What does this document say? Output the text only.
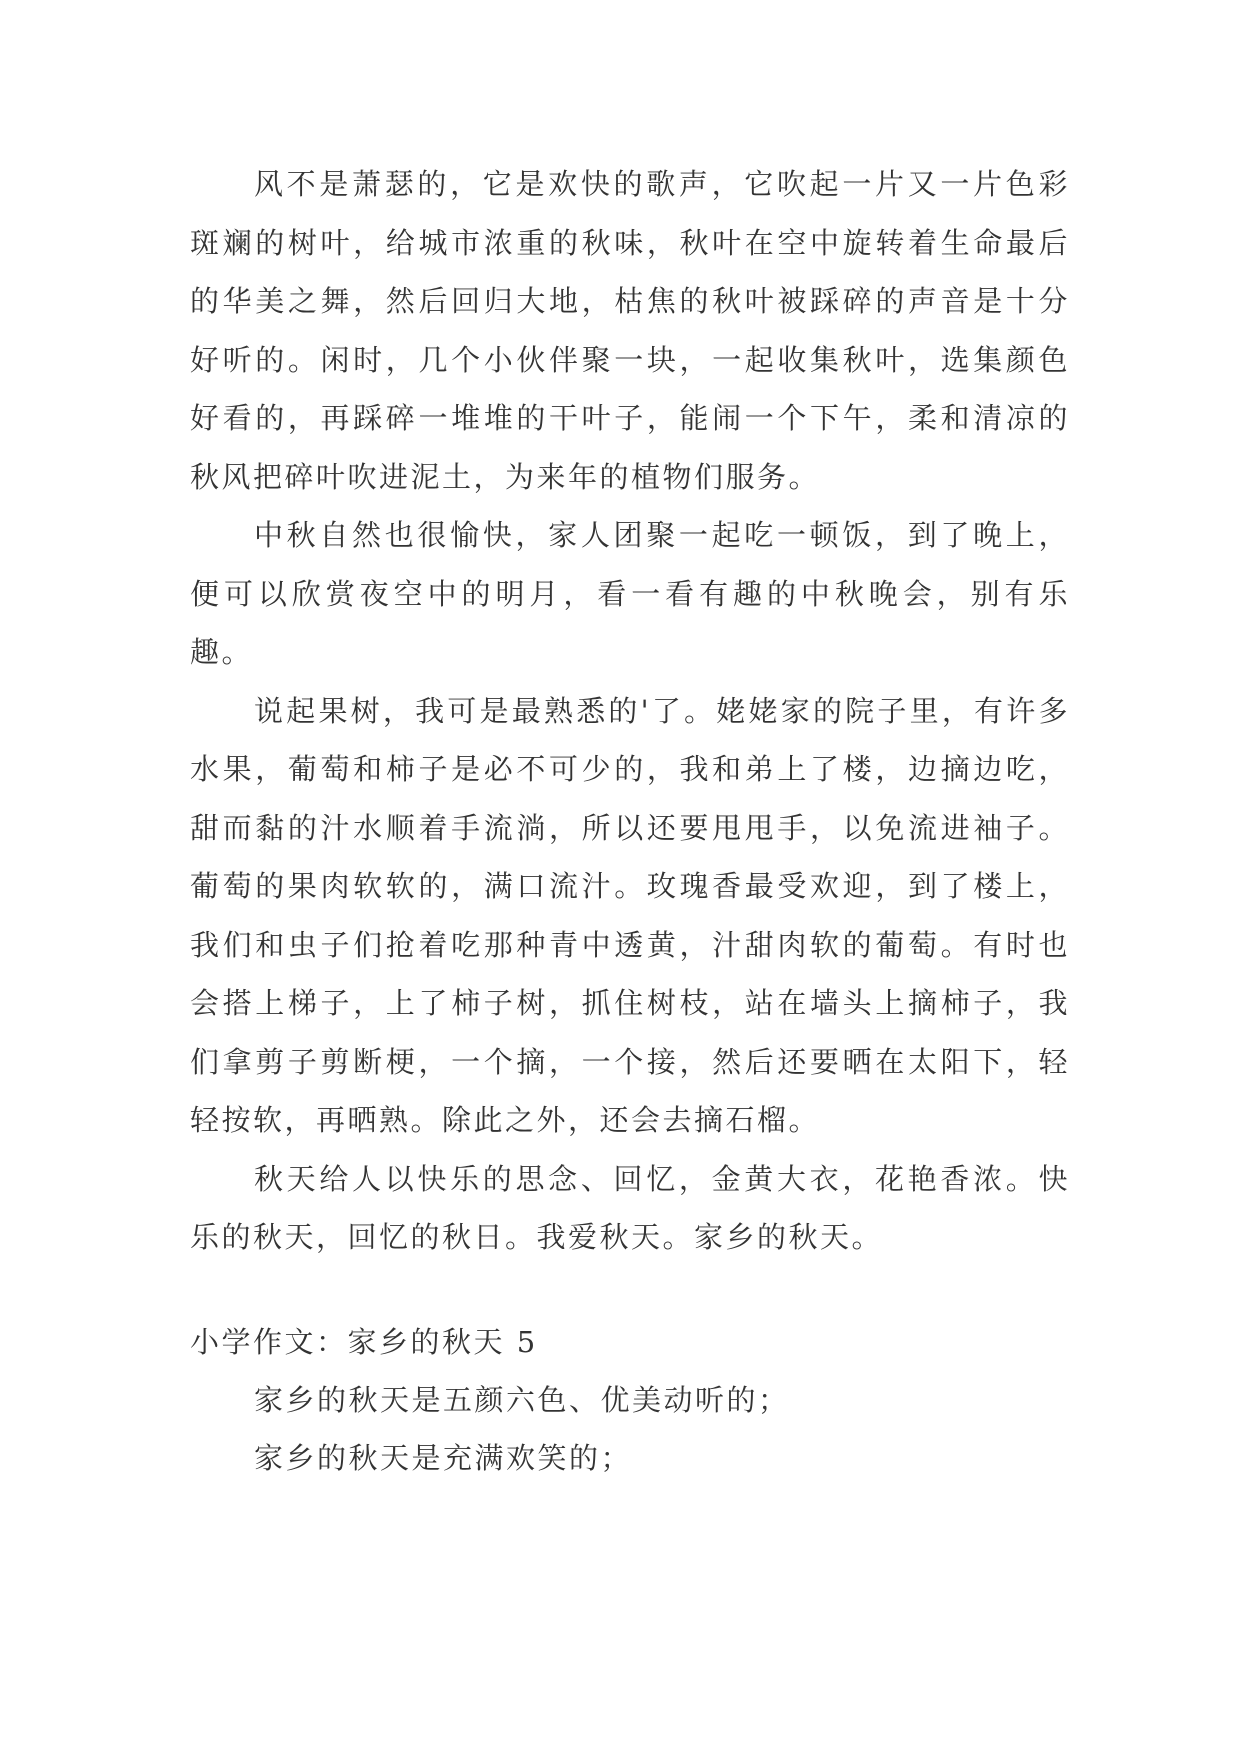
风不是萧瑟的，它是欢快的歌声，它吹起一片又一片色彩斑斓的树叶，给城市浓重的秋味，秋叶在空中旋转着生命最后的华美之舞，然后回归大地，枯焦的秋叶被踩碎的声音是十分好听的。闲时，几个小伙伴聚一块，一起收集秋叶，选集颜色好看的，再踩碎一堆堆的干叶子，能闹一个下午，柔和清凉的秋风把碎叶吹进泥土，为来年的植物们服务。

中秋自然也很愉快，家人团聚一起吃一顿饭，到了晚上，便可以欣赏夜空中的明月，看一看有趣的中秋晚会，别有乐趣。

说起果树，我可是最熟悉的'了。姥姥家的院子里，有许多水果，葡萄和柿子是必不可少的，我和弟上了楼，边摘边吃，甜而黏的汁水顺着手流淌，所以还要甩甩手，以免流进袖子。葡萄的果肉软软的，满口流汁。玫瑰香最受欢迎，到了楼上，我们和虫子们抢着吃那种青中透黄，汁甜肉软的葡萄。有时也会搭上梯子，上了柿子树，抓住树枝，站在墙头上摘柿子，我们拿剪子剪断梗，一个摘，一个接，然后还要晒在太阳下，轻轻按软，再晒熟。除此之外，还会去摘石榴。

秋天给人以快乐的思念、回忆，金黄大衣，花艳香浓。快乐的秋天，回忆的秋日。我爱秋天。家乡的秋天。

小学作文：家乡的秋天 5

家乡的秋天是五颜六色、优美动听的；

家乡的秋天是充满欢笑的；
